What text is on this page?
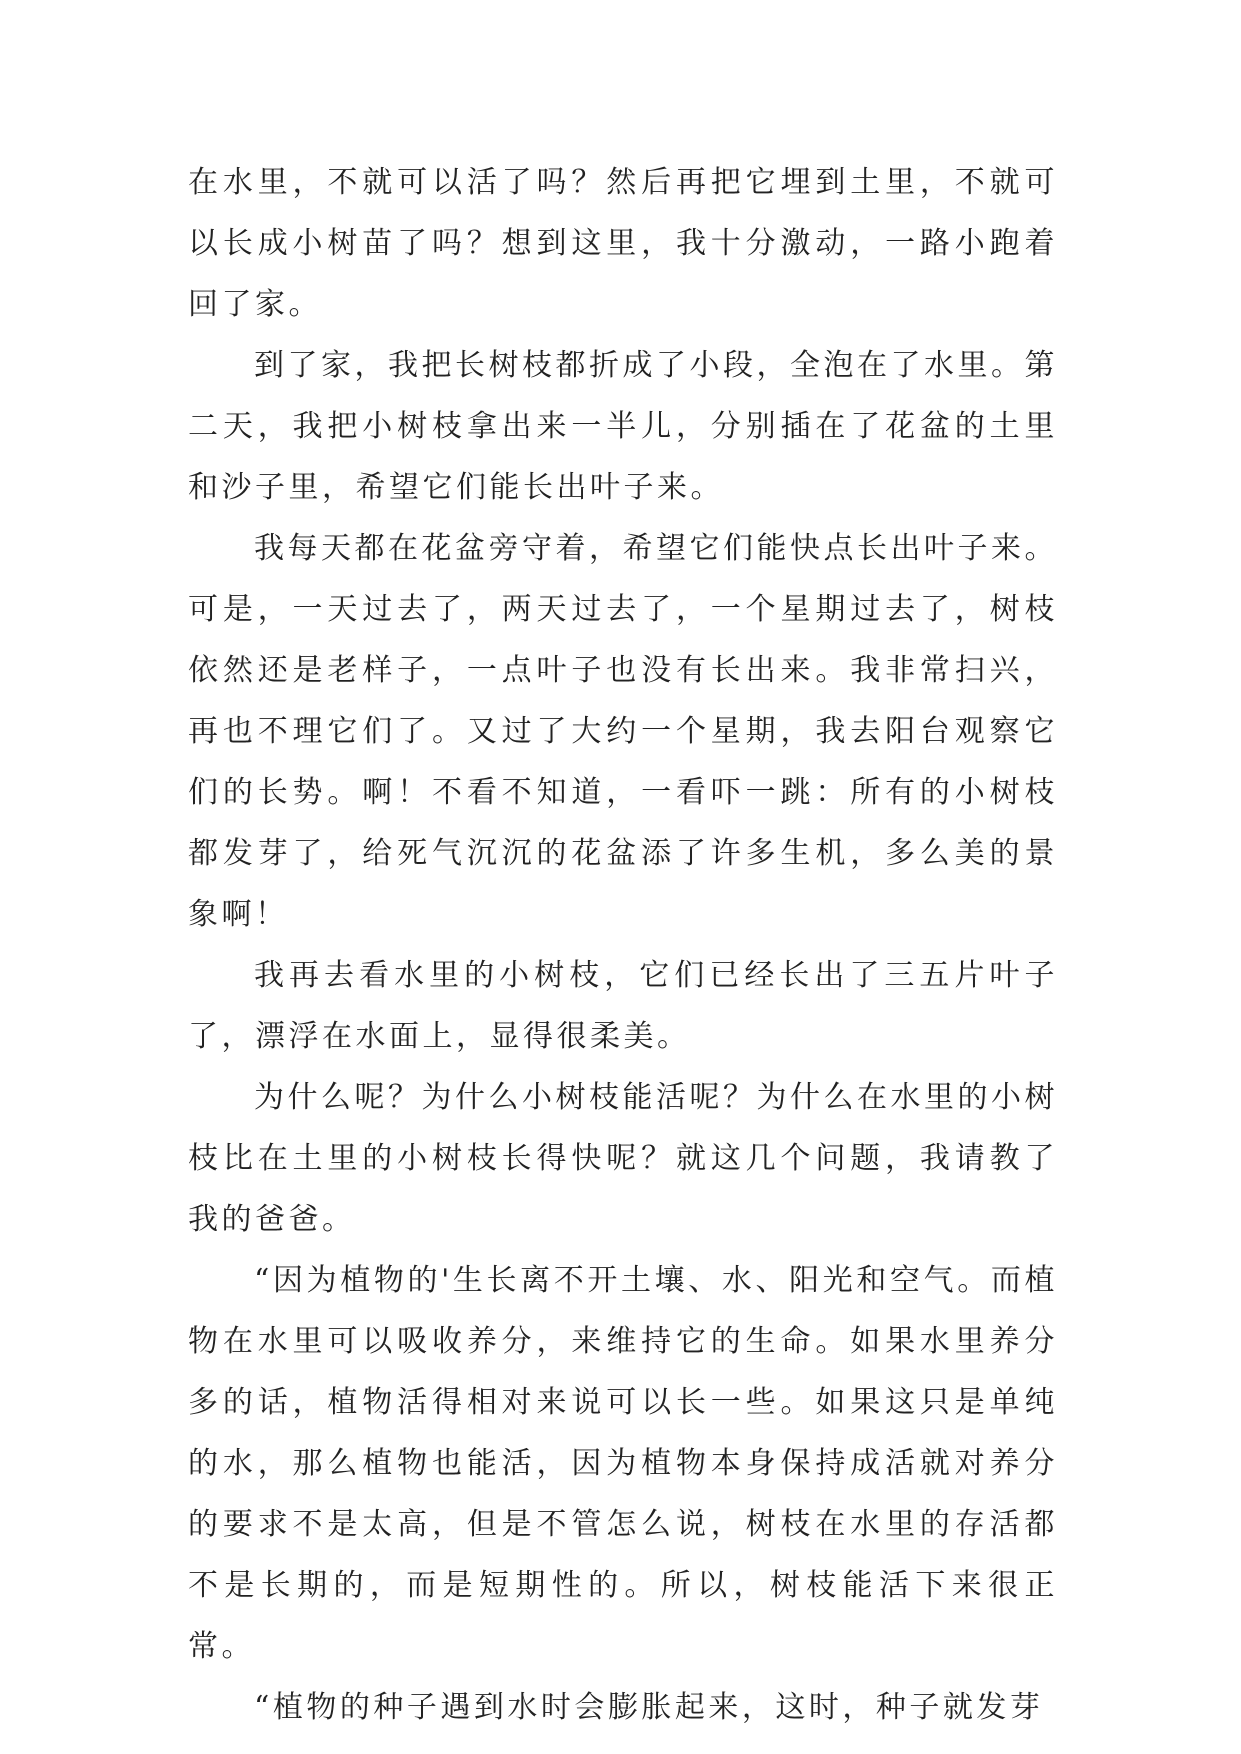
在水里，不就可以活了吗？然后再把它埋到土里，不就可以长成小树苗了吗？想到这里，我十分激动，一路小跑着回了家。

到了家，我把长树枝都折成了小段，全泡在了水里。第二天，我把小树枝拿出来一半儿，分别插在了花盆的土里和沙子里，希望它们能长出叶子来。

我每天都在花盆旁守着，希望它们能快点长出叶子来。可是，一天过去了，两天过去了，一个星期过去了，树枝依然还是老样子，一点叶子也没有长出来。我非常扫兴，再也不理它们了。又过了大约一个星期，我去阳台观察它们的长势。啊！不看不知道，一看吓一跳：所有的小树枝都发芽了，给死气沉沉的花盆添了许多生机，多么美的景象啊！

我再去看水里的小树枝，它们已经长出了三五片叶子了，漂浮在水面上，显得很柔美。

为什么呢？为什么小树枝能活呢？为什么在水里的小树枝比在土里的小树枝长得快呢？就这几个问题，我请教了我的爸爸。

“因为植物的'生长离不开土壤、水、阳光和空气。而植物在水里可以吸收养分，来维持它的生命。如果水里养分多的话，植物活得相对来说可以长一些。如果这只是单纯的水，那么植物也能活，因为植物本身保持成活就对养分的要求不是太高，但是不管怎么说，树枝在水里的存活都不是长期的，而是短期性的。所以，树枝能活下来很正常。

“植物的种子遇到水时会膨胀起来，这时，种子就发芽
